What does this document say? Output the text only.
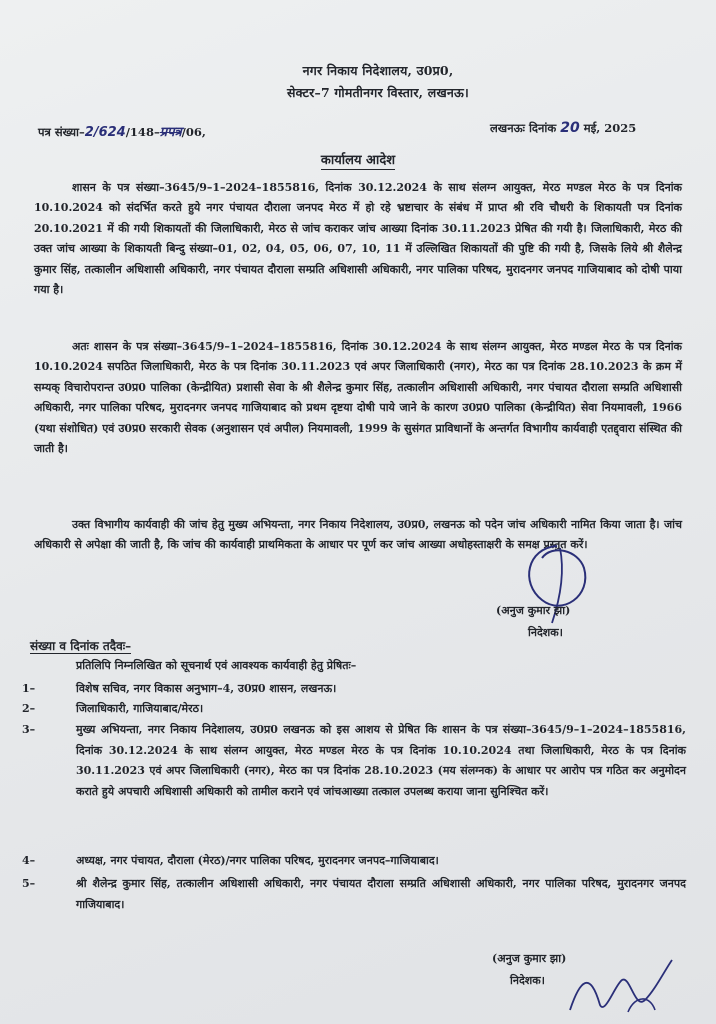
नगर निकाय निदेशालय, उ0प्र0,
सेक्टर–7 गोमतीनगर विस्तार, लखनऊ।
पत्र संख्या–2/624/148–प्रपत्र/06,	लखनऊः दिनांक 20 मई, 2025
कार्यालय आदेश
शासन के पत्र संख्या–3645/9–1–2024–1855816, दिनांक 30.12.2024 के साथ संलग्न आयुक्त, मेरठ मण्डल मेरठ के पत्र दिनांक 10.10.2024 को संदर्भित करते हुये नगर पंचायत दौराला जनपद मेरठ में हो रहे भ्रष्टाचार के संबंध में प्राप्त श्री रवि चौधरी के शिकायती पत्र दिनांक 20.10.2021 में की गयी शिकायतों की जिलाधिकारी, मेरठ से जांच कराकर जांच आख्या दिनांक 30.11.2023 प्रेषित की गयी है। जिलाधिकारी, मेरठ की उक्त जांच आख्या के शिकायती बिन्दु संख्या–01, 02, 04, 05, 06, 07, 10, 11 में उल्लिखित शिकायतों की पुष्टि की गयी है, जिसके लिये श्री शैलेन्द्र कुमार सिंह, तत्कालीन अधिशासी अधिकारी, नगर पंचायत दौराला सम्प्रति अधिशासी अधिकारी, नगर पालिका परिषद, मुरादनगर जनपद गाजियाबाद को दोषी पाया गया है।
अतः शासन के पत्र संख्या–3645/9–1–2024–1855816, दिनांक 30.12.2024 के साथ संलग्न आयुक्त, मेरठ मण्डल मेरठ के पत्र दिनांक 10.10.2024 सपठित जिलाधिकारी, मेरठ के पत्र दिनांक 30.11.2023 एवं अपर जिलाधिकारी (नगर), मेरठ का पत्र दिनांक 28.10.2023 के क्रम में सम्यक् विचारोपरान्त उ0प्र0 पालिका (केन्द्रीयित) प्रशासी सेवा के श्री शैलेन्द्र कुमार सिंह, तत्कालीन अधिशासी अधिकारी, नगर पंचायत दौराला सम्प्रति अधिशासी अधिकारी, नगर पालिका परिषद, मुरादनगर जनपद गाजियाबाद को प्रथम दृष्टया दोषी पाये जाने के कारण उ0प्र0 पालिका (केन्द्रीयित) सेवा नियमावली, 1966 (यथा संशोधित) एवं उ0प्र0 सरकारी सेवक (अनुशासन एवं अपील) नियमावली, 1999 के सुसंगत प्राविधानों के अन्तर्गत विभागीय कार्यवाही एतद्द्वारा संस्थित की जाती है।
उक्त विभागीय कार्यवाही की जांच हेतु मुख्य अभियन्ता, नगर निकाय निदेशालय, उ0प्र0, लखनऊ को पदेन जांच अधिकारी नामित किया जाता है। जांच अधिकारी से अपेक्षा की जाती है, कि जांच की कार्यवाही प्राथमिकता के आधार पर पूर्ण कर जांच आख्या अधोहस्ताक्षरी के समक्ष प्रस्तुत करें।
(अनुज कुमार झा)
निदेशक।
संख्या व दिनांक तदैवः–
प्रतिलिपि निम्नलिखित को सूचनार्थ एवं आवश्यक कार्यवाही हेतु प्रेषितः–
1–	विशेष सचिव, नगर विकास अनुभाग–4, उ0प्र0 शासन, लखनऊ।
2–	जिलाधिकारी, गाजियाबाद/मेरठ।
3–	मुख्य अभियन्ता, नगर निकाय निदेशालय, उ0प्र0 लखनऊ को इस आशय से प्रेषित कि शासन के पत्र संख्या–3645/9–1–2024–1855816, दिनांक 30.12.2024 के साथ संलग्न आयुक्त, मेरठ मण्डल मेरठ के पत्र दिनांक 10.10.2024 तथा जिलाधिकारी, मेरठ के पत्र दिनांक 30.11.2023 एवं अपर जिलाधिकारी (नगर), मेरठ का पत्र दिनांक 28.10.2023 (मय संलग्नक) के आधार पर आरोप पत्र गठित कर अनुमोदन कराते हुये अपचारी अधिशासी अधिकारी को तामील कराने एवं जांचआख्या तत्काल उपलब्ध कराया जाना सुनिश्चित करें।
4–	अध्यक्ष, नगर पंचायत, दौराला (मेरठ)/नगर पालिका परिषद, मुरादनगर जनपद–गाजियाबाद।
5–	श्री शैलेन्द्र कुमार सिंह, तत्कालीन अधिशासी अधिकारी, नगर पंचायत दौराला सम्प्रति अधिशासी अधिकारी, नगर पालिका परिषद, मुरादनगर जनपद गाजियाबाद।
(अनुज कुमार झा)
निदेशक।
